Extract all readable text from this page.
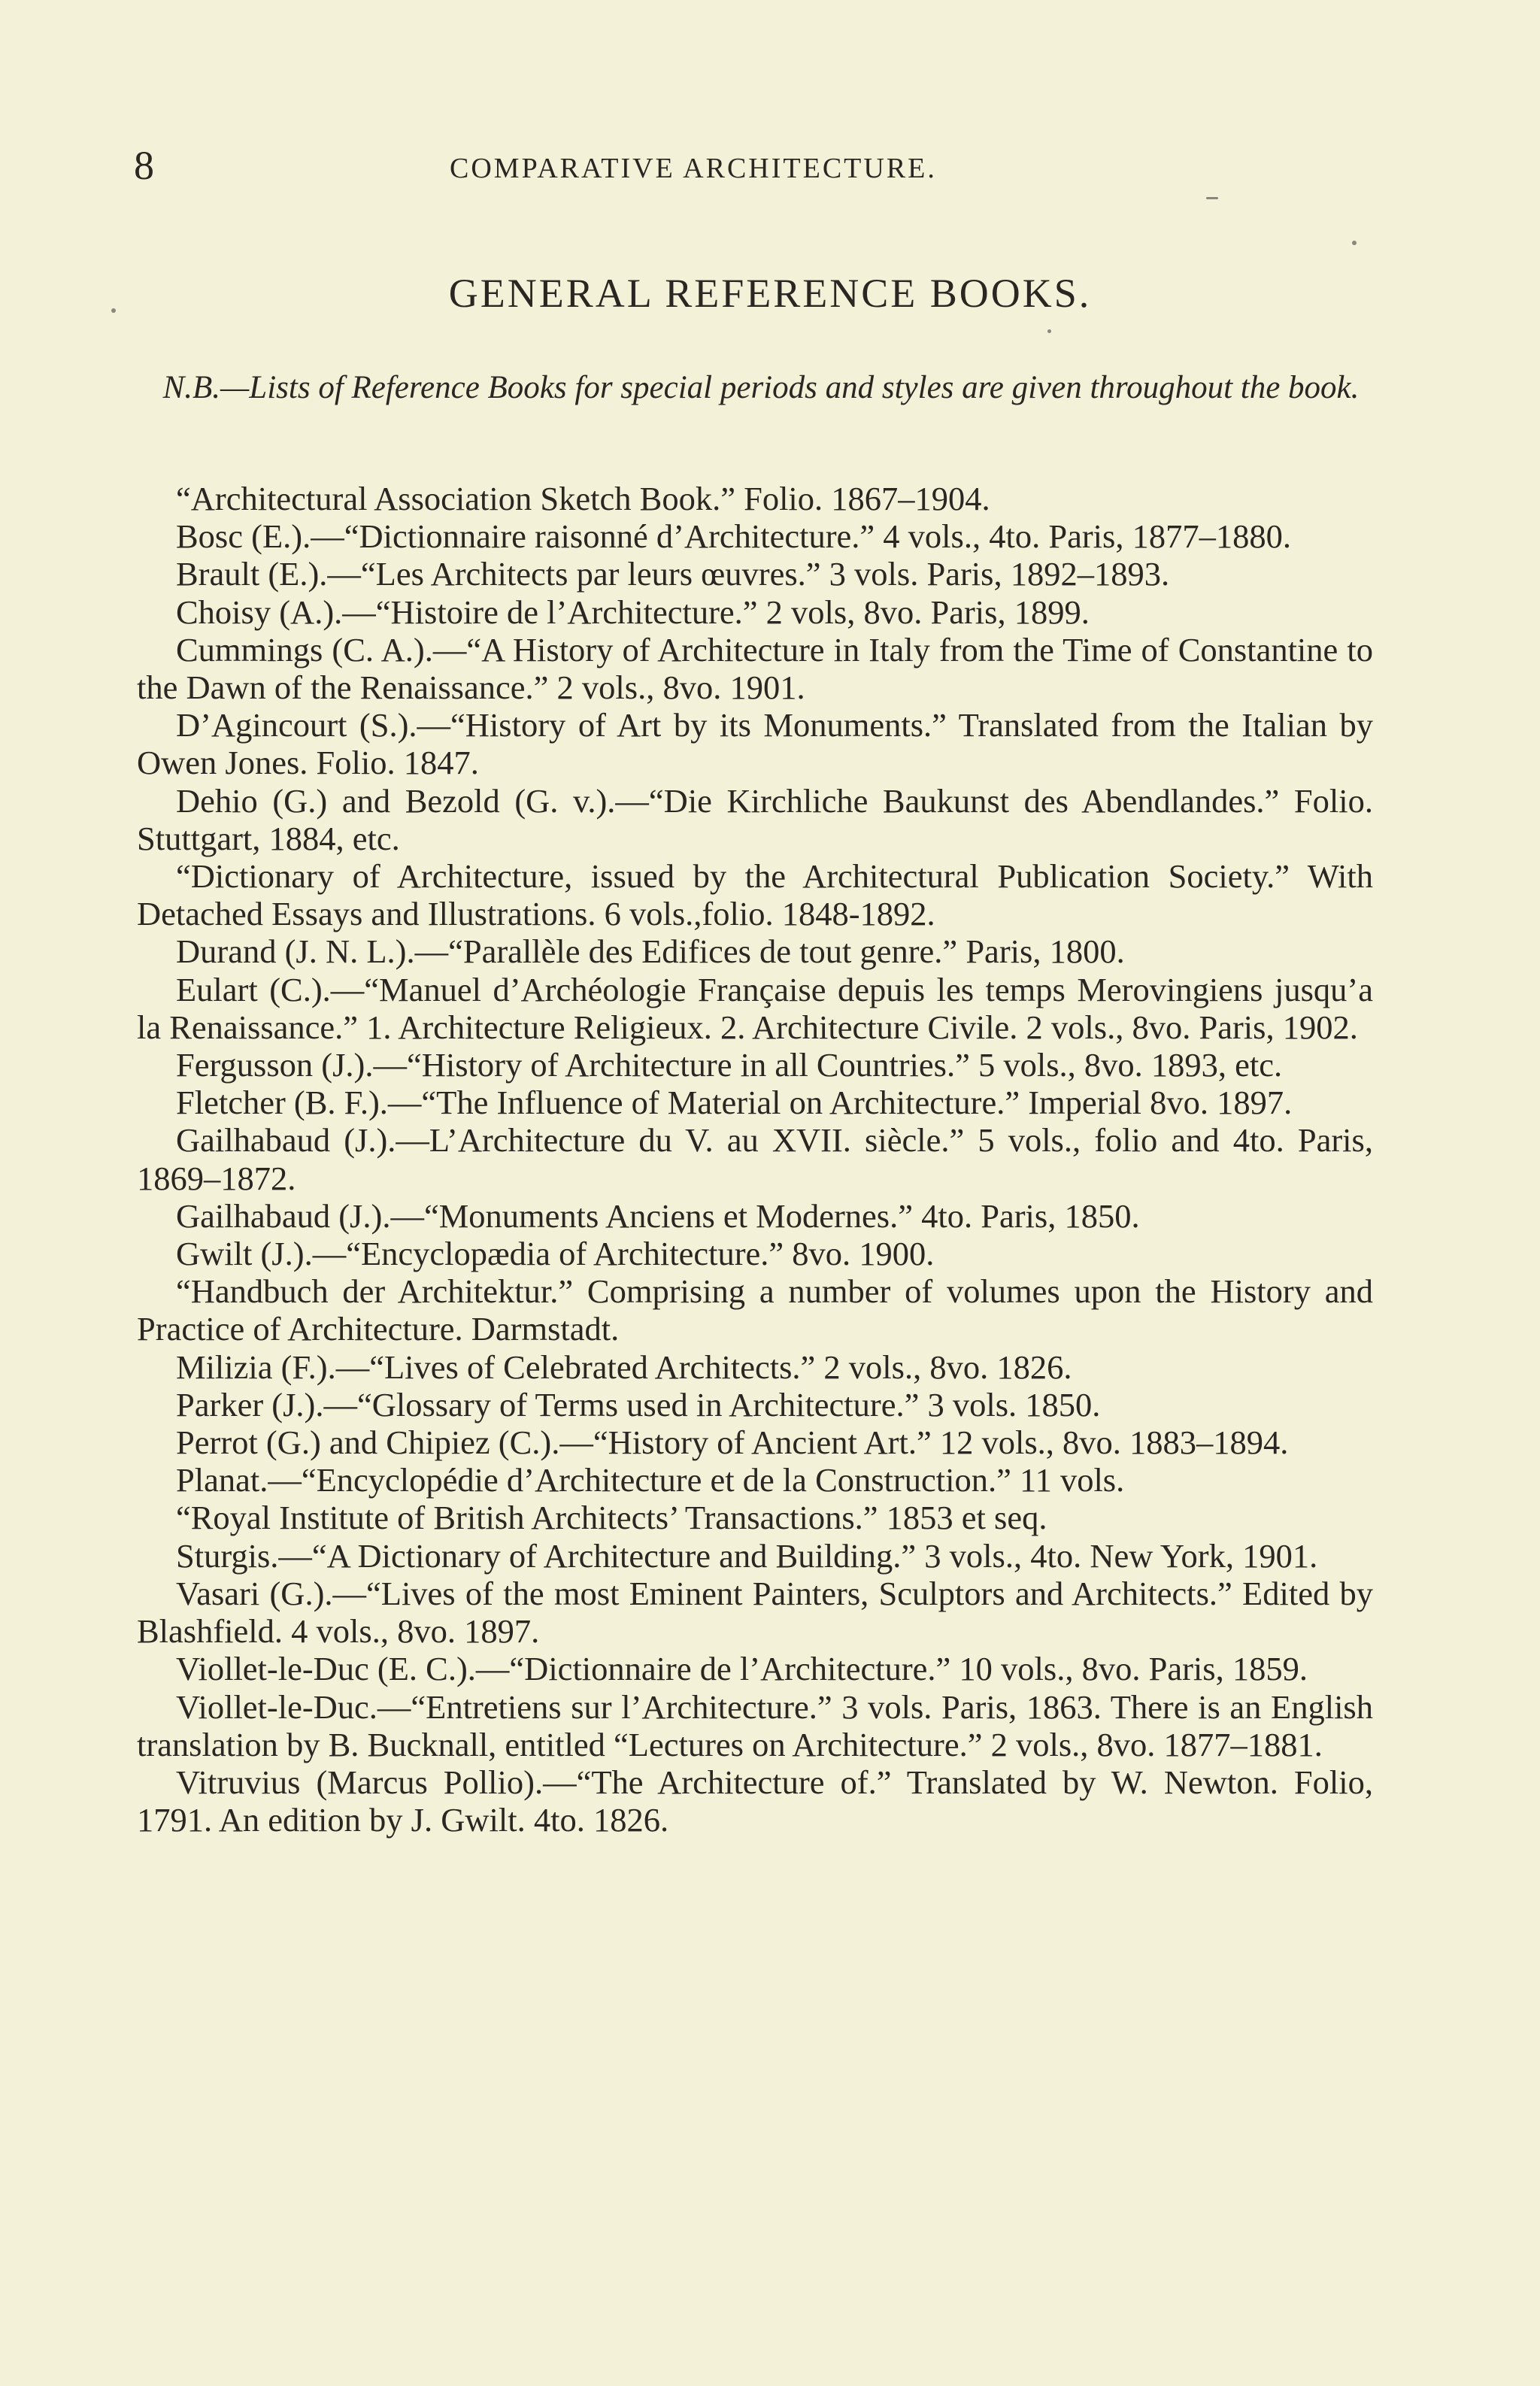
8	COMPARATIVE ARCHITECTURE.
GENERAL REFERENCE BOOKS.
N.B.—Lists of Reference Books for special periods and styles are given throughout the book.
“Architectural Association Sketch Book.” Folio. 1867–1904.
Bosc (E.).—“Dictionnaire raisonné d’Architecture.” 4 vols., 4to. Paris, 1877–1880.
Brault (E.).—“Les Architects par leurs œuvres.” 3 vols. Paris, 1892–1893.
Choisy (A.).—“Histoire de l’Architecture.” 2 vols, 8vo. Paris, 1899.
Cummings (C. A.).—“A History of Architecture in Italy from the Time of Constantine to the Dawn of the Renaissance.” 2 vols., 8vo. 1901.
D’Agincourt (S.).—“History of Art by its Monuments.” Translated from the Italian by Owen Jones. Folio. 1847.
Dehio (G.) and Bezold (G. v.).—“Die Kirchliche Baukunst des Abendlandes.” Folio. Stuttgart, 1884, etc.
“Dictionary of Architecture, issued by the Architectural Publication Society.” With Detached Essays and Illustrations. 6 vols.,folio. 1848-1892.
Durand (J. N. L.).—“Parallèle des Edifices de tout genre.” Paris, 1800.
Eulart (C.).—“Manuel d’Archéologie Française depuis les temps Merovingiens jusqu’a la Renaissance.” 1. Architecture Religieux. 2. Architecture Civile. 2 vols., 8vo. Paris, 1902.
Fergusson (J.).—“History of Architecture in all Countries.” 5 vols., 8vo. 1893, etc.
Fletcher (B. F.).—“The Influence of Material on Architecture.” Imperial 8vo. 1897.
Gailhabaud (J.).—L’Architecture du V. au XVII. siècle.” 5 vols., folio and 4to. Paris, 1869–1872.
Gailhabaud (J.).—“Monuments Anciens et Modernes.” 4to. Paris, 1850.
Gwilt (J.).—“Encyclopædia of Architecture.” 8vo. 1900.
“Handbuch der Architektur.” Comprising a number of volumes upon the History and Practice of Architecture. Darmstadt.
Milizia (F.).—“Lives of Celebrated Architects.” 2 vols., 8vo. 1826.
Parker (J.).—“Glossary of Terms used in Architecture.” 3 vols. 1850.
Perrot (G.) and Chipiez (C.).—“History of Ancient Art.” 12 vols., 8vo. 1883–1894.
Planat.—“Encyclopédie d’Architecture et de la Construction.” 11 vols.
“Royal Institute of British Architects’ Transactions.” 1853 et seq.
Sturgis.—“A Dictionary of Architecture and Building.” 3 vols., 4to. New York, 1901.
Vasari (G.).—“Lives of the most Eminent Painters, Sculptors and Architects.” Edited by Blashfield. 4 vols., 8vo. 1897.
Viollet-le-Duc (E. C.).—“Dictionnaire de l’Architecture.” 10 vols., 8vo. Paris, 1859.
Viollet-le-Duc.—“Entretiens sur l’Architecture.” 3 vols. Paris, 1863. There is an English translation by B. Bucknall, entitled “Lectures on Architecture.” 2 vols., 8vo. 1877–1881.
Vitruvius (Marcus Pollio).—“The Architecture of.” Translated by W. Newton. Folio, 1791. An edition by J. Gwilt. 4to. 1826.
